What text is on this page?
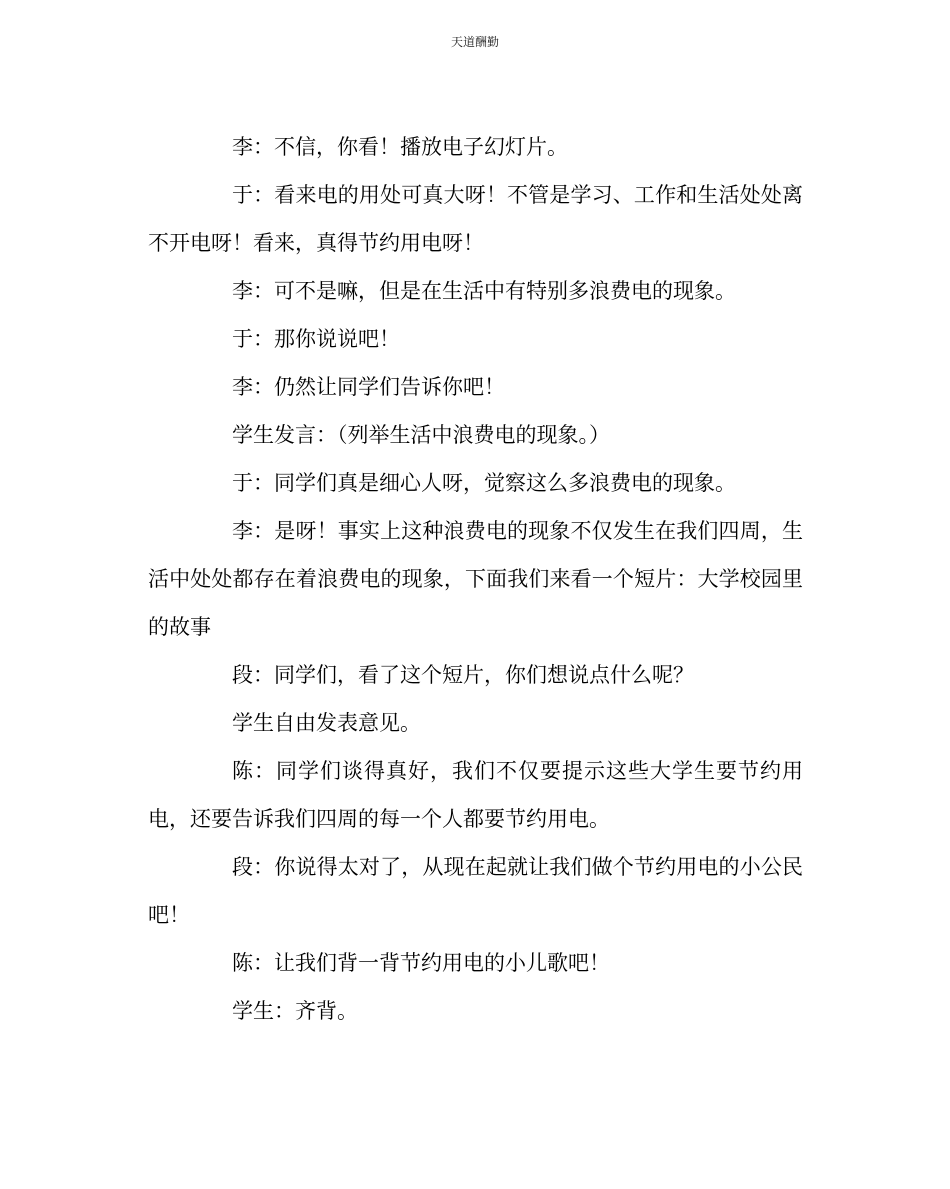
天道酬勤

李：不信，你看！播放电子幻灯片。

于：看来电的用处可真大呀！不管是学习、工作和生活处处离不开电呀！看来，真得节约用电呀！

李：可不是嘛，但是在生活中有特别多浪费电的现象。

于：那你说说吧！

李：仍然让同学们告诉你吧！

学生发言：（列举生活中浪费电的现象。）

于：同学们真是细心人呀，觉察这么多浪费电的现象。

李：是呀！事实上这种浪费电的现象不仅发生在我们四周，生活中处处都存在着浪费电的现象，下面我们来看一个短片：大学校园里的故事

段：同学们，看了这个短片，你们想说点什么呢？

学生自由发表意见。

陈：同学们谈得真好，我们不仅要提示这些大学生要节约用电，还要告诉我们四周的每一个人都要节约用电。

段：你说得太对了，从现在起就让我们做个节约用电的小公民吧！

陈：让我们背一背节约用电的小儿歌吧！

学生：齐背。
